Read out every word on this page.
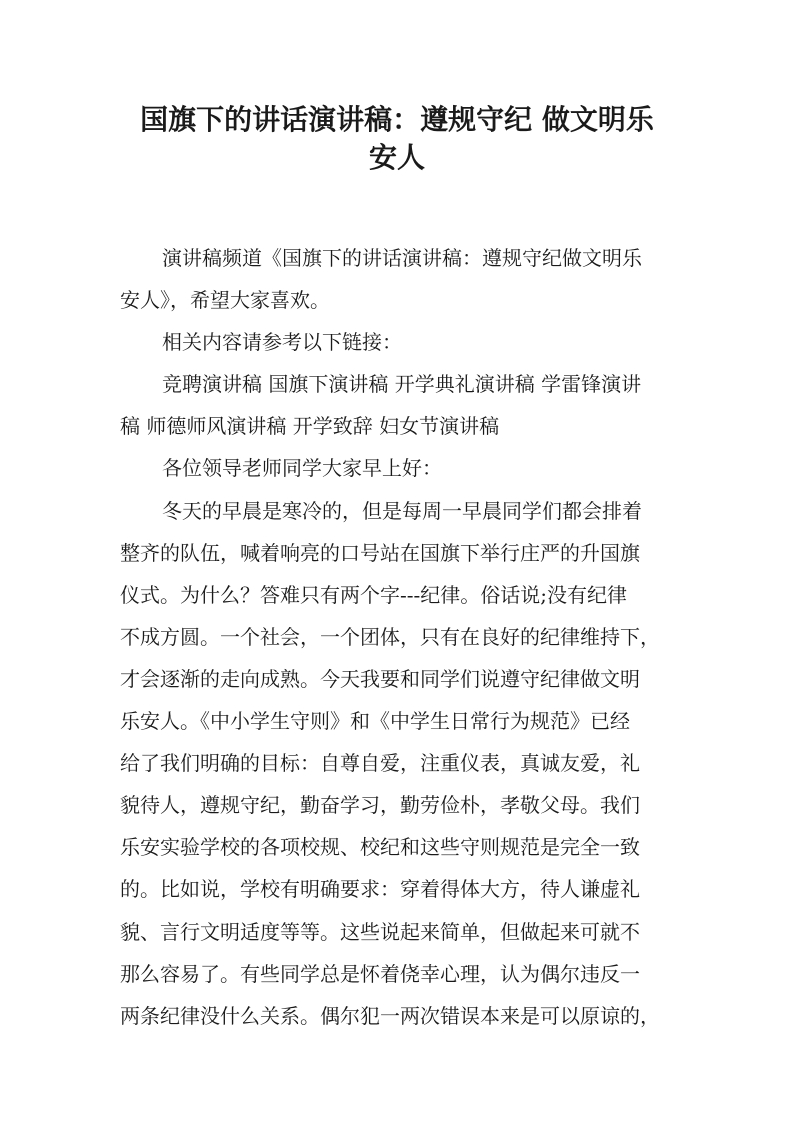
国旗下的讲话演讲稿：遵规守纪 做文明乐
安人
演讲稿频道《国旗下的讲话演讲稿：遵规守纪做文明乐
安人》，希望大家喜欢。
相关内容请参考以下链接：
竞聘演讲稿 国旗下演讲稿 开学典礼演讲稿 学雷锋演讲
稿 师德师风演讲稿 开学致辞 妇女节演讲稿
各位领导老师同学大家早上好：
冬天的早晨是寒冷的，但是每周一早晨同学们都会排着
整齐的队伍，喊着响亮的口号站在国旗下举行庄严的升国旗
仪式。为什么？答难只有两个字---纪律。俗话说;没有纪律
不成方圆。一个社会，一个团体，只有在良好的纪律维持下，
才会逐渐的走向成熟。今天我要和同学们说遵守纪律做文明
乐安人。《中小学生守则》和《中学生日常行为规范》已经
给了我们明确的目标：自尊自爱，注重仪表，真诚友爱，礼
貌待人，遵规守纪，勤奋学习，勤劳俭朴，孝敬父母。我们
乐安实验学校的各项校规、校纪和这些守则规范是完全一致
的。比如说，学校有明确要求：穿着得体大方，待人谦虚礼
貌、言行文明适度等等。这些说起来简单，但做起来可就不
那么容易了。有些同学总是怀着侥幸心理，认为偶尔违反一
两条纪律没什么关系。偶尔犯一两次错误本来是可以原谅的，
